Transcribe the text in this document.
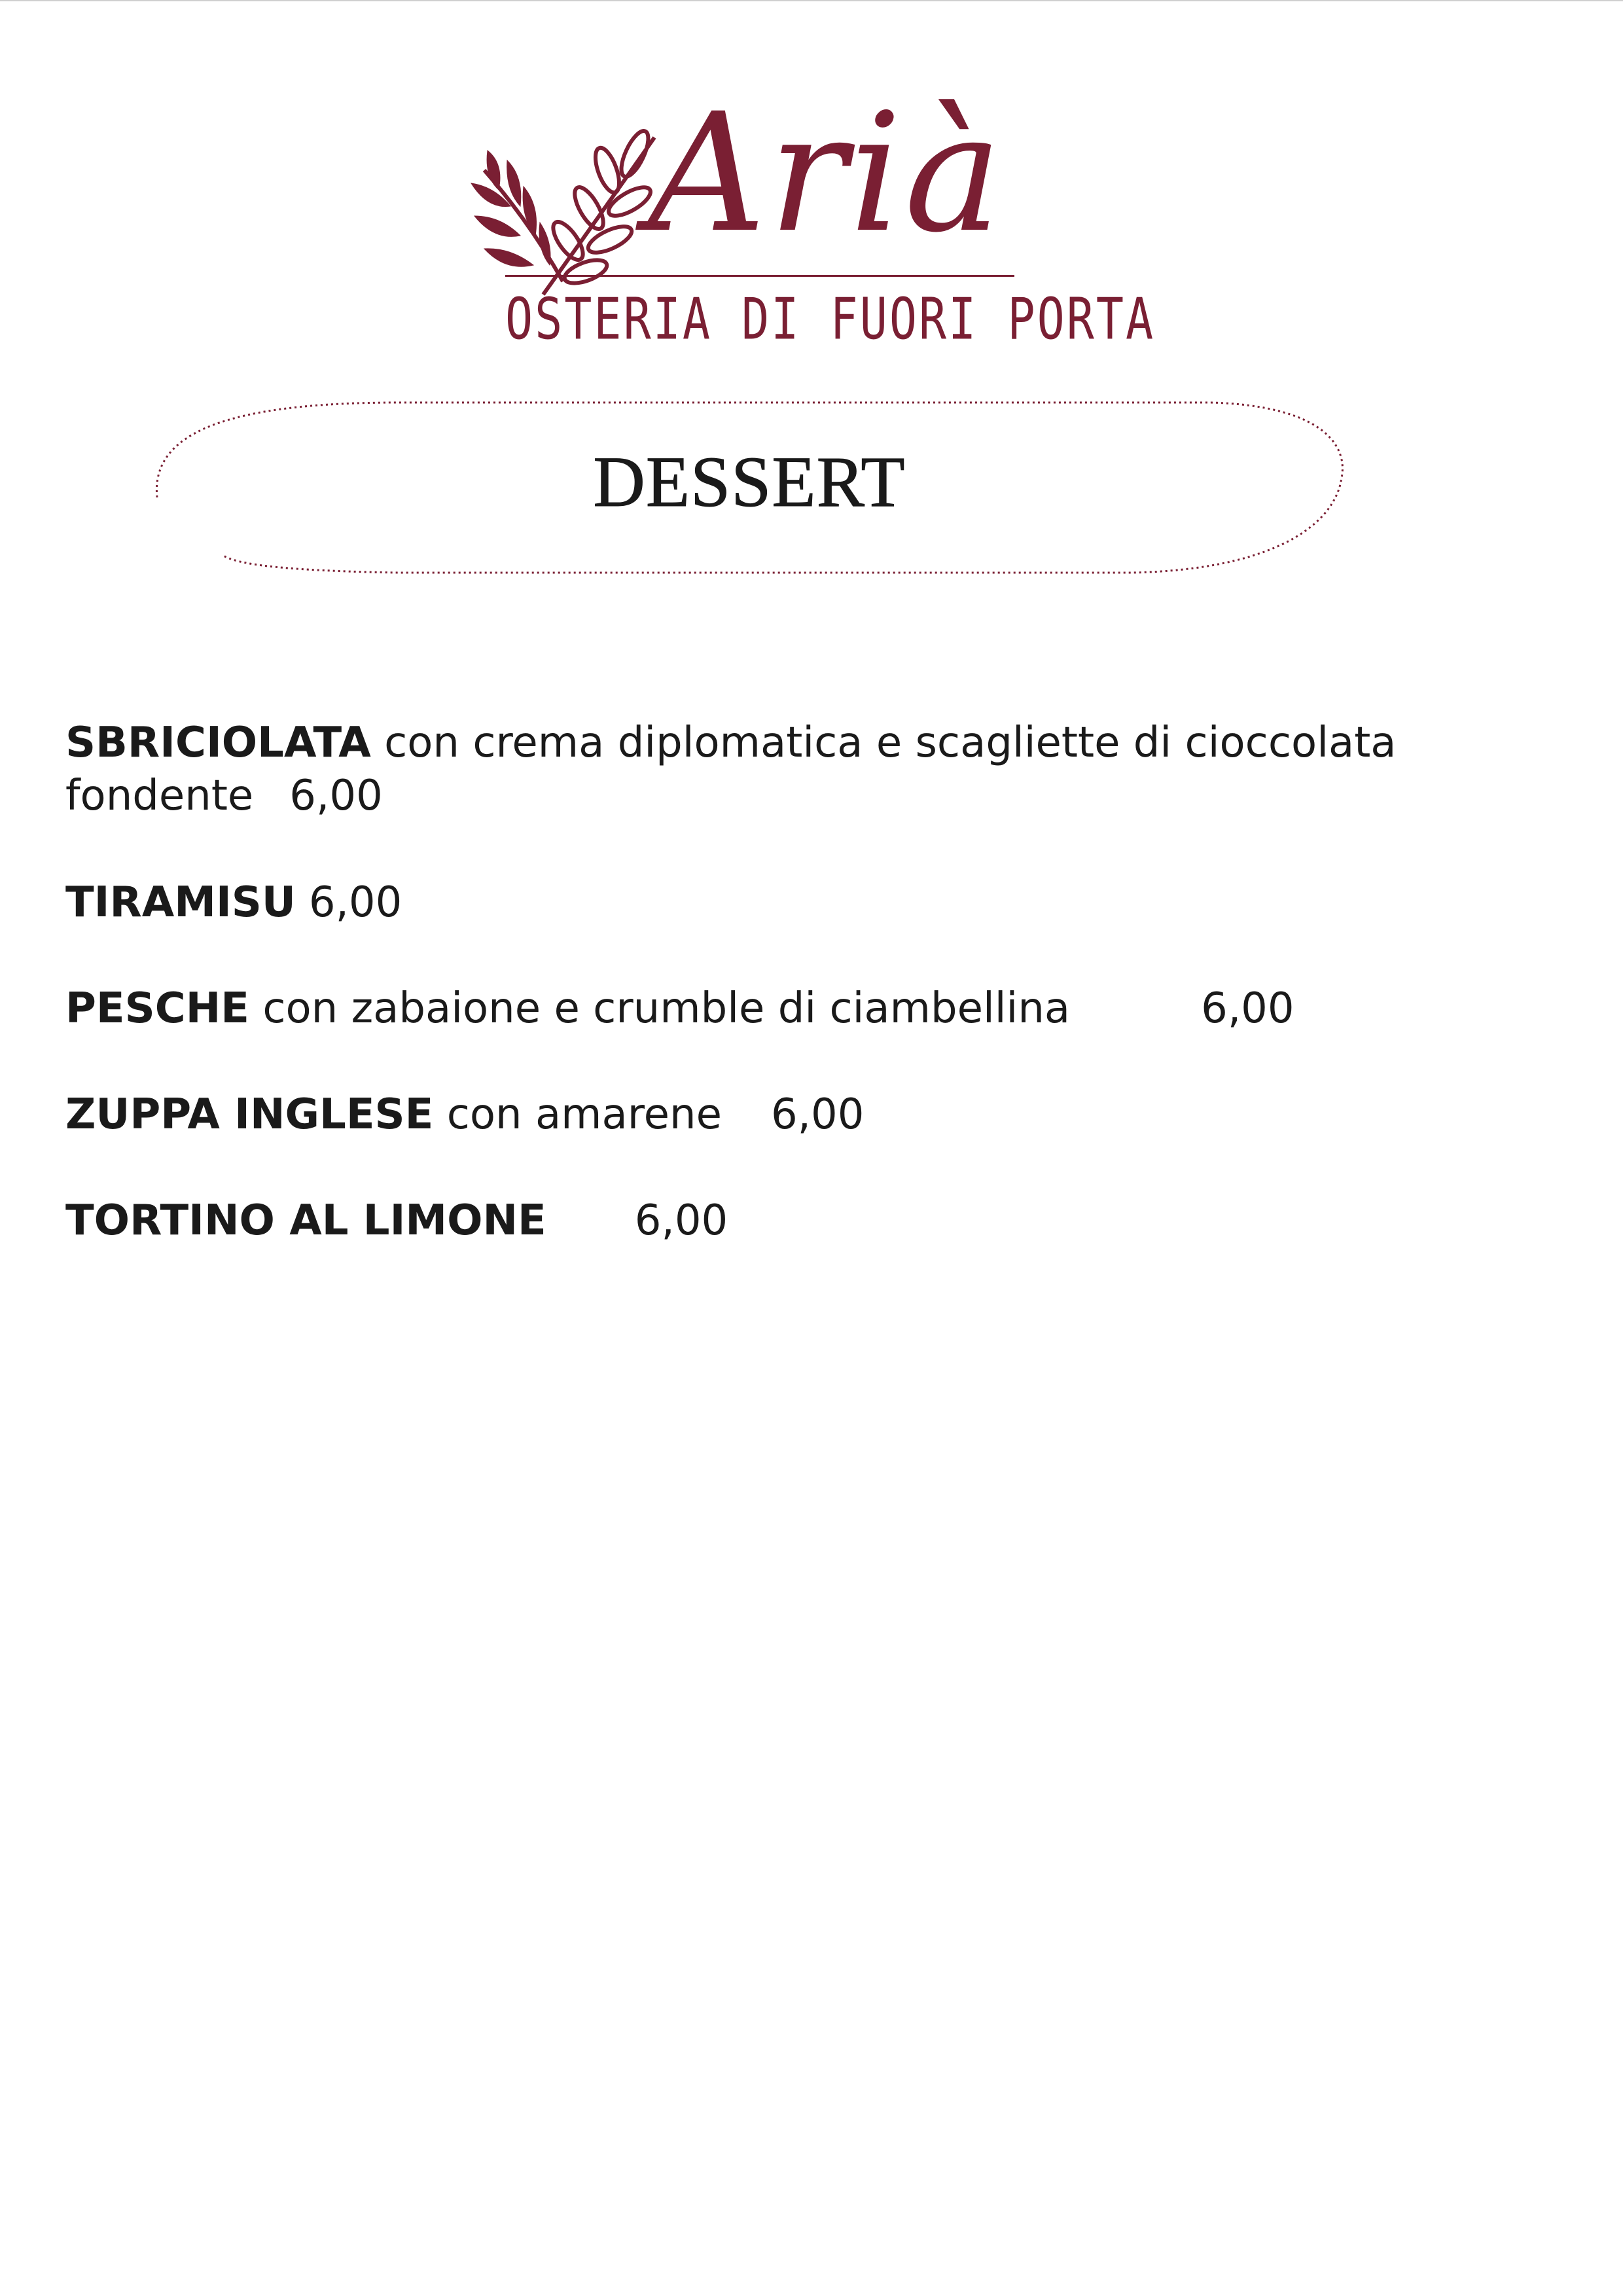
Arià
OSTERIA DI FUORI PORTA
DESSERT
SBRICIOLATA con crema diplomatica e scagliette di cioccolata
fondente 6,00
TIRAMISU 6,00
PESCHE con zabaione e crumble di ciambellina	6,00
ZUPPA INGLESE con amarene 6,00
TORTINO AL LIMONE 6,00
